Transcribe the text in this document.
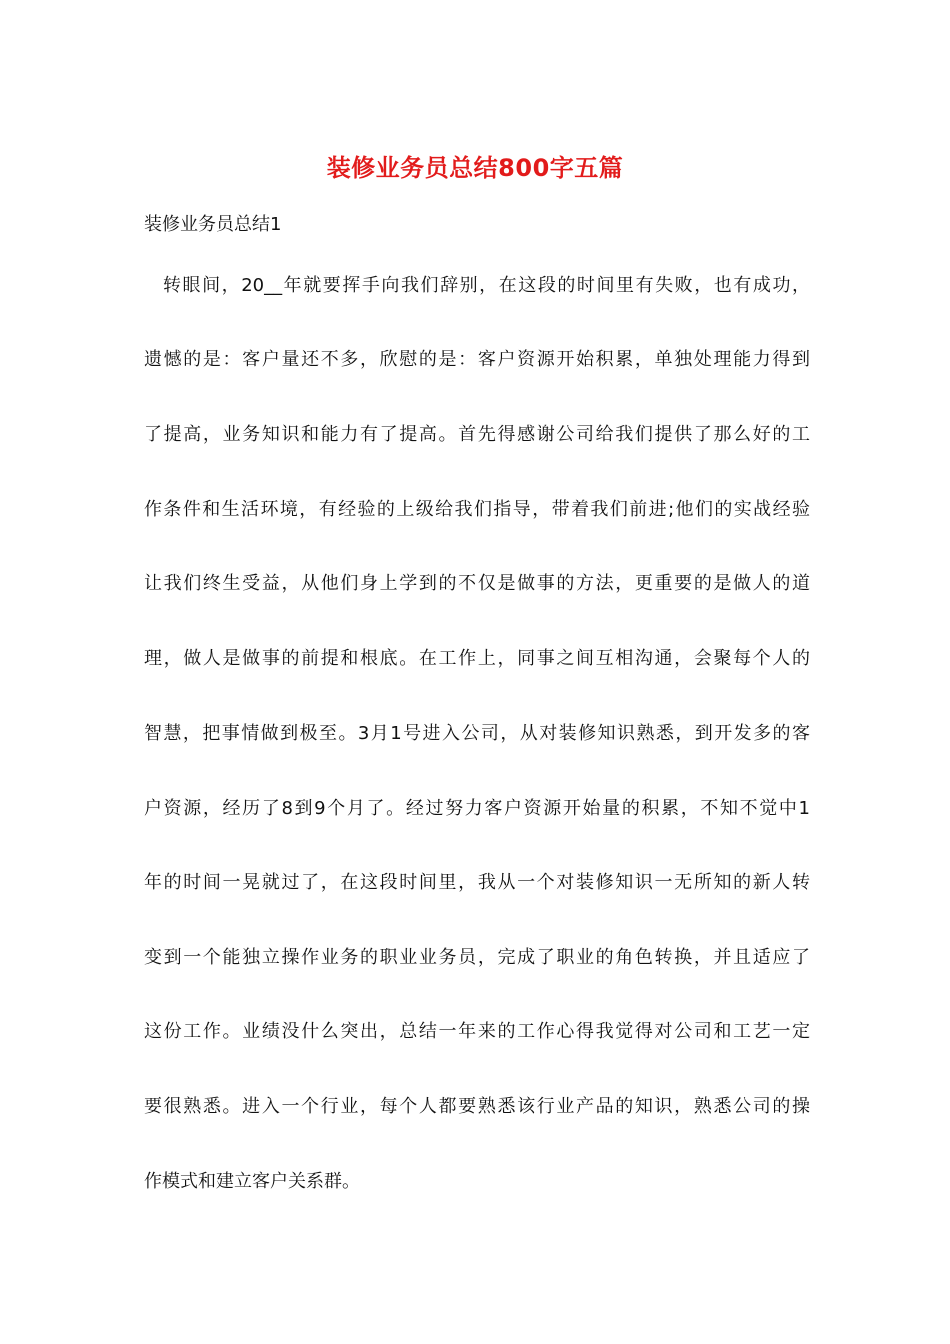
装修业务员总结800字五篇
装修业务员总结1
转眼间，20__年就要挥手向我们辞别，在这段的时间里有失败，也有成功，
遗憾的是：客户量还不多，欣慰的是：客户资源开始积累，单独处理能力得到
了提高，业务知识和能力有了提高。首先得感谢公司给我们提供了那么好的工
作条件和生活环境，有经验的上级给我们指导，带着我们前进;他们的实战经验
让我们终生受益，从他们身上学到的不仅是做事的方法，更重要的是做人的道
理，做人是做事的前提和根底。在工作上，同事之间互相沟通，会聚每个人的
智慧，把事情做到极至。3月1号进入公司，从对装修知识熟悉，到开发多的客
户资源，经历了8到9个月了。经过努力客户资源开始量的积累，不知不觉中1
年的时间一晃就过了，在这段时间里，我从一个对装修知识一无所知的新人转
变到一个能独立操作业务的职业业务员，完成了职业的角色转换，并且适应了
这份工作。业绩没什么突出，总结一年来的工作心得我觉得对公司和工艺一定
要很熟悉。进入一个行业，每个人都要熟悉该行业产品的知识，熟悉公司的操
作模式和建立客户关系群。
